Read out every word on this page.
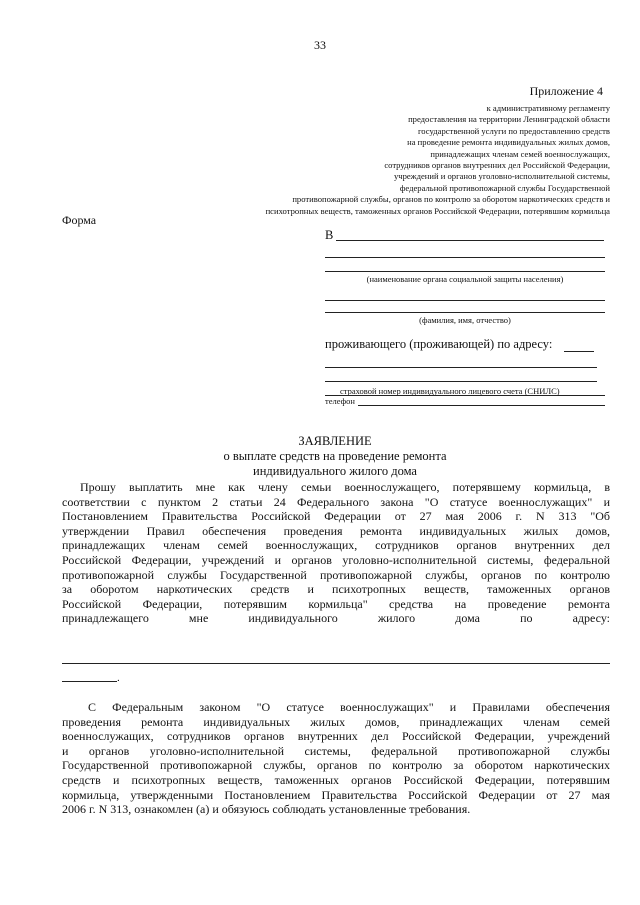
33
Приложение 4
к административному регламенту
предоставления на территории Ленинградской области
государственной услуги по предоставлению средств
на проведение ремонта индивидуальных жилых домов,
принадлежащих членам семей военнослужащих,
сотрудников органов внутренних дел Российской Федерации,
учреждений и органов уголовно-исполнительной системы,
федеральной противопожарной службы Государственной
противопожарной службы, органов по контролю за оборотом наркотических средств и
психотропных веществ, таможенных органов Российской Федерации, потерявшим кормильца
Форма
В
(наименование органа социальной защиты населения)
(фамилия, имя, отчество)
проживающего (проживающей) по адресу:
страховой номер индивидуального лицевого счета (СНИЛС)
телефон
ЗАЯВЛЕНИЕ
о выплате средств на проведение ремонта
индивидуального жилого дома
Прошу выплатить мне как члену семьи военнослужащего, потерявшему кормильца, в
соответствии с пунктом 2 статьи 24 Федерального закона "О статусе военнослужащих" и
Постановлением Правительства Российской Федерации от 27 мая 2006 г. N 313 "Об
утверждении Правил обеспечения проведения ремонта индивидуальных жилых домов,
принадлежащих членам семей военнослужащих, сотрудников органов внутренних дел
Российской Федерации, учреждений и органов уголовно-исполнительной системы, федеральной
противопожарной службы Государственной противопожарной службы, органов по контролю
за оборотом наркотических средств и психотропных веществ, таможенных органов
Российской Федерации, потерявшим кормильца" средства на проведение ремонта
принадлежащего мне индивидуального жилого дома по адресу:
.
С Федеральным законом "О статусе военнослужащих" и Правилами обеспечения
проведения ремонта индивидуальных жилых домов, принадлежащих членам семей
военнослужащих, сотрудников органов внутренних дел Российской Федерации, учреждений
и органов уголовно-исполнительной системы, федеральной противопожарной службы
Государственной противопожарной службы, органов по контролю за оборотом наркотических
средств и психотропных веществ, таможенных органов Российской Федерации, потерявшим
кормильца, утвержденными Постановлением Правительства Российской Федерации от 27 мая
2006 г. N 313, ознакомлен (а) и обязуюсь соблюдать установленные требования.
